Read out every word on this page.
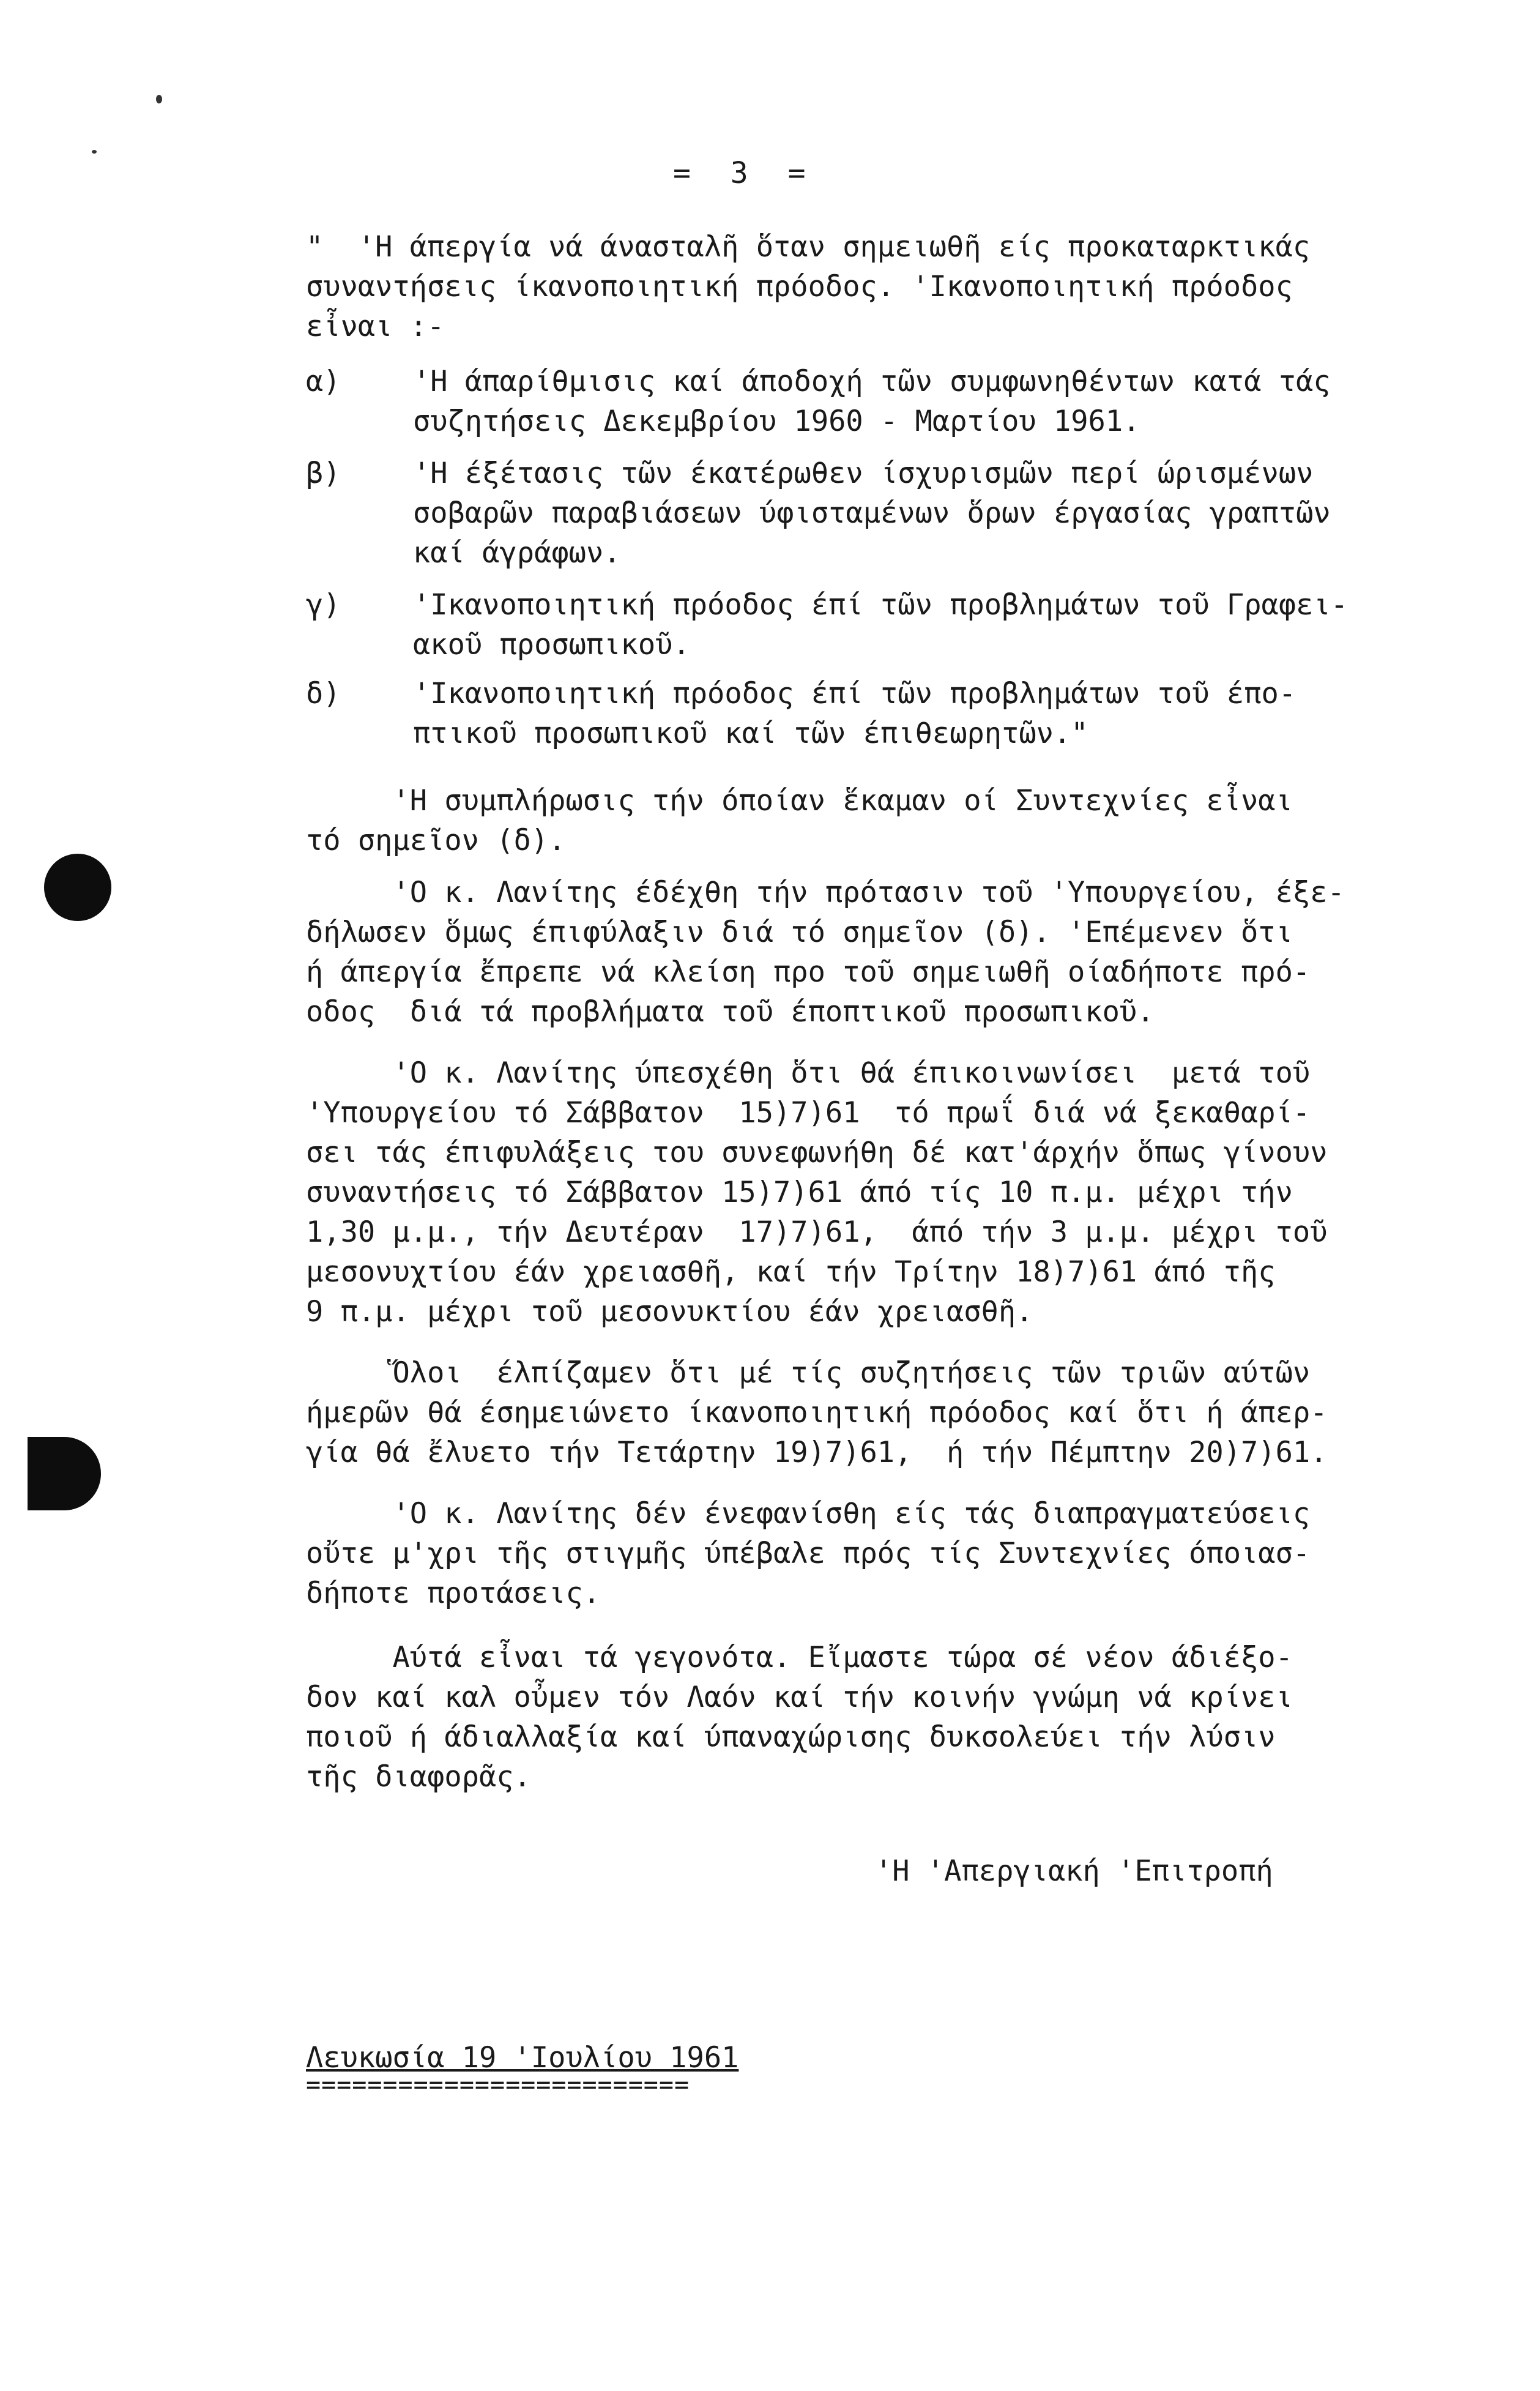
= 3 =
"  'Η άπεργία νά άνασταλῆ ὅταν σημειωθῆ είς προκαταρκτικάς
συναντήσεις ίκανοποιητική πρόοδος. 'Ικανοποιητική πρόοδος
εἶναι :-
α)	'Η άπαρίθμισις καί άποδοχή τῶν συμφωνηθέντων κατά τάς
συζητήσεις Δεκεμβρίου 1960 - Μαρτίου 1961.
β)	'Η έξέτασις τῶν έκατέρωθεν ίσχυρισμῶν περί ώρισμένων
σοβαρῶν παραβιάσεων ύφισταμένων ὅρων έργασίας γραπτῶν
καί άγράφων.
γ)	'Ικανοποιητική πρόοδος έπί τῶν προβλημάτων τοῦ Γραφει-
ακοῦ προσωπικοῦ.
δ)	'Ικανοποιητική πρόοδος έπί τῶν προβλημάτων τοῦ έπο-
πτικοῦ προσωπικοῦ καί τῶν έπιθεωρητῶν."
'Η συμπλήρωσις τήν όποίαν ἕκαμαν οί Συντεχνίες εἶναι
τό σημεῖον (δ).
'Ο κ. Λανίτης έδέχθη τήν πρότασιν τοῦ 'Υπουργείου, έξε-
δήλωσεν ὅμως έπιφύλαξιν διά τό σημεῖον (δ). 'Επέμενεν ὅτι
ή άπεργία ἔπρεπε νά κλείση προ τοῦ σημειωθῆ οίαδήποτε πρό-
οδος  διά τά προβλήματα τοῦ έποπτικοῦ προσωπικοῦ.
'Ο κ. Λανίτης ύπεσχέθη ὅτι θά έπικοινωνίσει  μετά τοῦ
'Υπουργείου τό Σάββατον  15)7)61  τό πρωΐ διά νά ξεκαθαρί-
σει τάς έπιφυλάξεις του συνεφωνήθη δέ κατ'άρχήν ὅπως γίνουν
συναντήσεις τό Σάββατον 15)7)61 άπό τίς 10 π.μ. μέχρι τήν
1,30 μ.μ., τήν Δευτέραν  17)7)61,  άπό τήν 3 μ.μ. μέχρι τοῦ
μεσονυχτίου έάν χρειασθῆ, καί τήν Τρίτην 18)7)61 άπό τῆς
9 π.μ. μέχρι τοῦ μεσονυκτίου έάν χρειασθῆ.
Ὅλοι  έλπίζαμεν ὅτι μέ τίς συζητήσεις τῶν τριῶν αύτῶν
ήμερῶν θά έσημειώνετο ίκανοποιητική πρόοδος καί ὅτι ή άπερ-
γία θά ἔλυετο τήν Τετάρτην 19)7)61,  ή τήν Πέμπτην 20)7)61.
'Ο κ. Λανίτης δέν ένεφανίσθη είς τάς διαπραγματεύσεις
οὔτε μ'χρι τῆς στιγμῆς ύπέβαλε πρός τίς Συντεχνίες όποιασ-
δήποτε προτάσεις.
Αύτά εἶναι τά γεγονότα. Εἴμαστε τώρα σέ νέον άδιέξο-
δον καί καλ οὖμεν τόν Λαόν καί τήν κοινήν γνώμη νά κρίνει
ποιοῦ ή άδιαλλαξία καί ύπαναχώρισης δυκσολεύει τήν λύσιν
τῆς διαφορᾶς.
'Η 'Απεργιακή 'Επιτροπή
Λευκωσία 19 'Ιουλίου 1961
=========================
